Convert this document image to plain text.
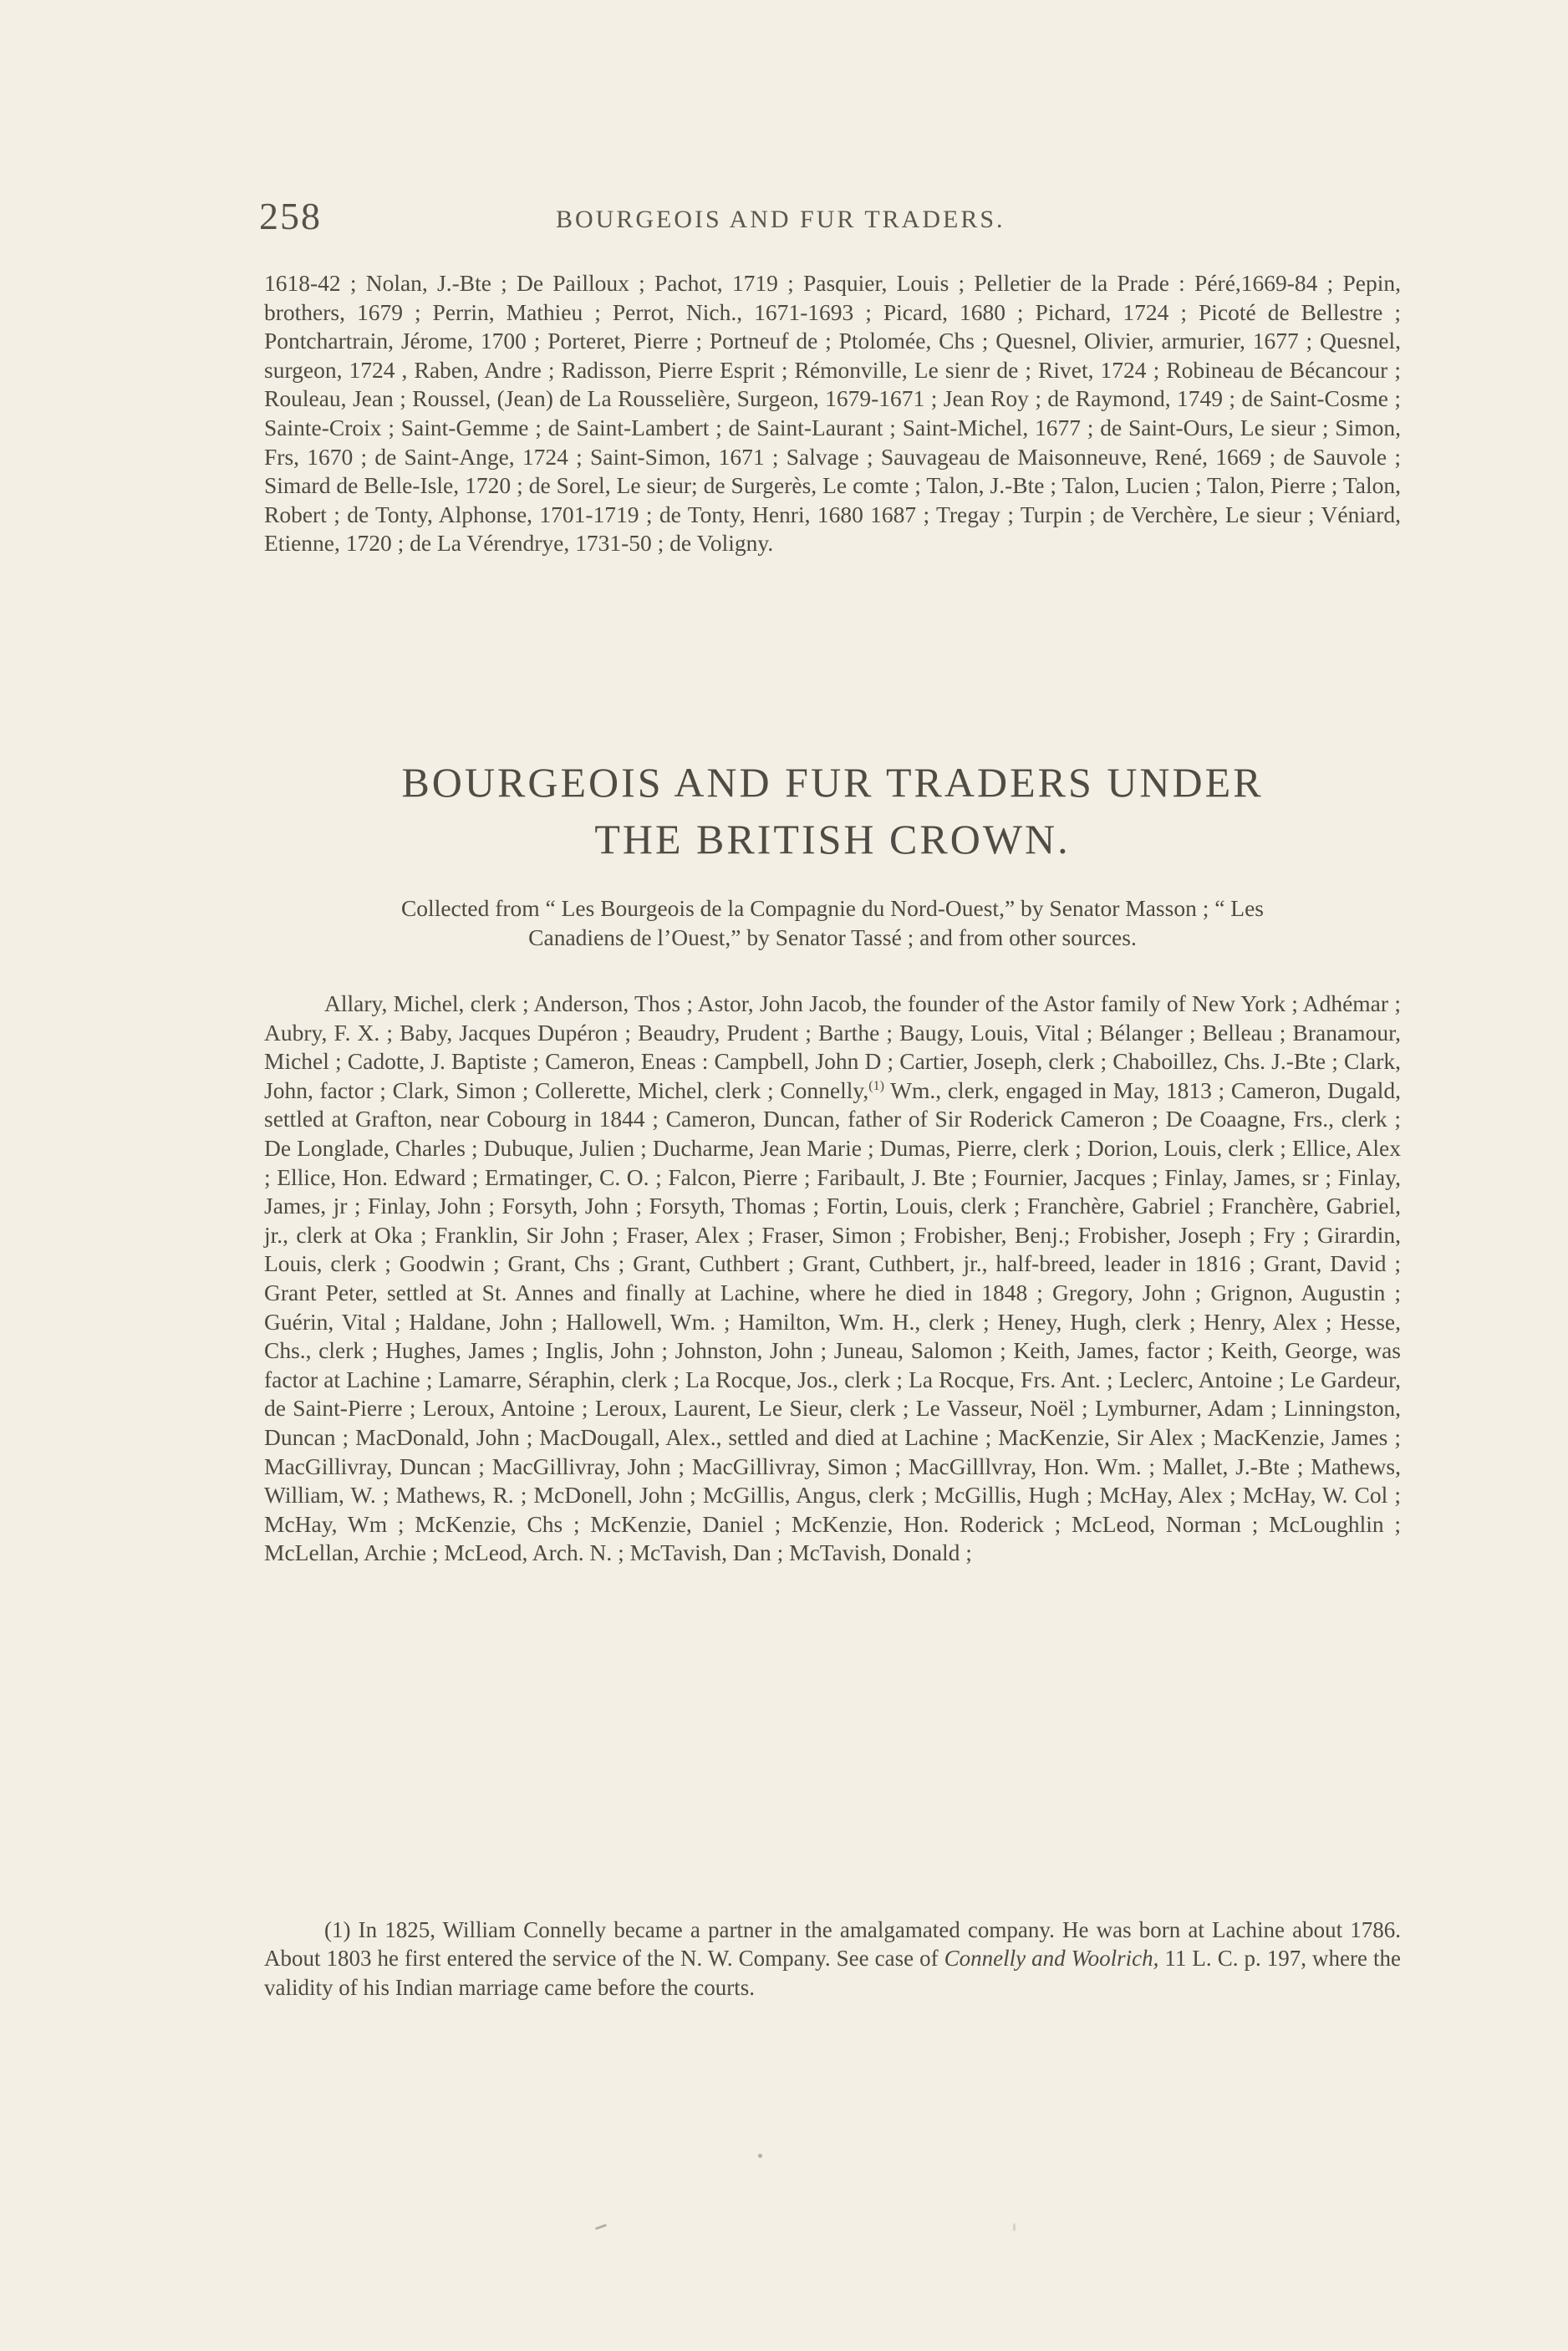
258	BOURGEOIS AND FUR TRADERS.

1618-42 ; Nolan, J.-Bte ; De Pailloux ; Pachot, 1719 ; Pasquier, Louis ; Pelletier de la Prade : Péré,1669-84 ; Pepin, brothers, 1679 ; Perrin, Mathieu ; Perrot, Nich., 1671-1693 ; Picard, 1680 ; Pichard, 1724 ; Picoté de Bellestre ; Pontchartrain, Jérome, 1700 ; Porteret, Pierre ; Portneuf de ; Ptolomée, Chs ; Quesnel, Olivier, armurier, 1677 ; Quesnel, surgeon, 1724 , Raben, Andre ; Radisson, Pierre Esprit ; Rémonville, Le sienr de ; Rivet, 1724 ; Robineau de Bécancour ; Rouleau, Jean ; Roussel, (Jean) de La Rousselière, Surgeon, 1679-1671 ; Jean Roy ; de Raymond, 1749 ; de Saint-Cosme ; Sainte-Croix ; Saint-Gemme ; de Saint-Lambert ; de Saint-Laurant ; Saint-Michel, 1677 ; de Saint-Ours, Le sieur ; Simon, Frs, 1670 ; de Saint-Ange, 1724 ; Saint-Simon, 1671 ; Salvage ; Sauvageau de Maisonneuve, René, 1669 ; de Sauvole ; Simard de Belle-Isle, 1720 ; de Sorel, Le sieur; de Surgerès, Le comte ; Talon, J.-Bte ; Talon, Lucien ; Talon, Pierre ; Talon, Robert ; de Tonty, Alphonse, 1701-1719 ; de Tonty, Henri, 1680 1687 ; Tregay ; Turpin ; de Verchère, Le sieur ; Véniard, Etienne, 1720 ; de La Vérendrye, 1731-50 ; de Voligny.

BOURGEOIS AND FUR TRADERS UNDER
THE BRITISH CROWN.

Collected from “ Les Bourgeois de la Compagnie du Nord-Ouest,” by Senator Masson ; “ Les
Canadiens de l’Ouest,” by Senator Tassé ; and from other sources.

Allary, Michel, clerk ; Anderson, Thos ; Astor, John Jacob, the founder of the Astor family of New York ; Adhémar ; Aubry, F. X. ; Baby, Jacques Dupéron ; Beaudry, Prudent ; Barthe ; Baugy, Louis, Vital ; Bélanger ; Belleau ; Branamour, Michel ; Cadotte, J. Baptiste ; Cameron, Eneas : Campbell, John D ; Cartier, Joseph, clerk ; Chaboillez, Chs. J.-Bte ; Clark, John, factor ; Clark, Simon ; Collerette, Michel, clerk ; Connelly,$^{(1)}$ Wm., clerk, engaged in May, 1813 ; Cameron, Dugald, settled at Grafton, near Cobourg in 1844 ; Cameron, Duncan, father of Sir Roderick Cameron ; De Coaagne, Frs., clerk ; De Longlade, Charles ; Dubuque, Julien ; Ducharme, Jean Marie ; Dumas, Pierre, clerk ; Dorion, Louis, clerk ; Ellice, Alex ; Ellice, Hon. Edward ; Ermatinger, C. O. ; Falcon, Pierre ; Faribault, J. Bte ; Fournier, Jacques ; Finlay, James, sr ; Finlay, James, jr ; Finlay, John ; Forsyth, John ; Forsyth, Thomas ; Fortin, Louis, clerk ; Franchère, Gabriel ; Franchère, Gabriel, jr., clerk at Oka ; Franklin, Sir John ; Fraser, Alex ; Fraser, Simon ; Frobisher, Benj.; Frobisher, Joseph ; Fry ; Girardin, Louis, clerk ; Goodwin ; Grant, Chs ; Grant, Cuthbert ; Grant, Cuthbert, jr., half-breed, leader in 1816 ; Grant, David ; Grant Peter, settled at St. Annes and finally at Lachine, where he died in 1848 ; Gregory, John ; Grignon, Augustin ; Guérin, Vital ; Haldane, John ; Hallowell, Wm. ; Hamilton, Wm. H., clerk ; Heney, Hugh, clerk ; Henry, Alex ; Hesse, Chs., clerk ; Hughes, James ; Inglis, John ; Johnston, John ; Juneau, Salomon ; Keith, James, factor ; Keith, George, was factor at Lachine ; Lamarre, Séraphin, clerk ; La Rocque, Jos., clerk ; La Rocque, Frs. Ant. ; Leclerc, Antoine ; Le Gardeur, de Saint-Pierre ; Leroux, Antoine ; Leroux, Laurent, Le Sieur, clerk ; Le Vasseur, Noël ; Lymburner, Adam ; Linningston, Duncan ; MacDonald, John ; MacDougall, Alex., settled and died at Lachine ; MacKenzie, Sir Alex ; MacKenzie, James ; MacGillivray, Duncan ; MacGillivray, John ; MacGillivray, Simon ; MacGilllvray, Hon. Wm. ; Mallet, J.-Bte ; Mathews, William, W. ; Mathews, R. ; McDonell, John ; McGillis, Angus, clerk ; McGillis, Hugh ; McHay, Alex ; McHay, W. Col ; McHay, Wm ; McKenzie, Chs ; McKenzie, Daniel ; McKenzie, Hon. Roderick ; McLeod, Norman ; McLoughlin ; McLellan, Archie ; McLeod, Arch. N. ; McTavish, Dan ; McTavish, Donald ;

(1) In 1825, William Connelly became a partner in the amalgamated company. He was born at Lachine about 1786. About 1803 he first entered the service of the N. W. Company. See case of Connelly and Woolrich, 11 L. C. p. 197, where the validity of his Indian marriage came before the courts.
